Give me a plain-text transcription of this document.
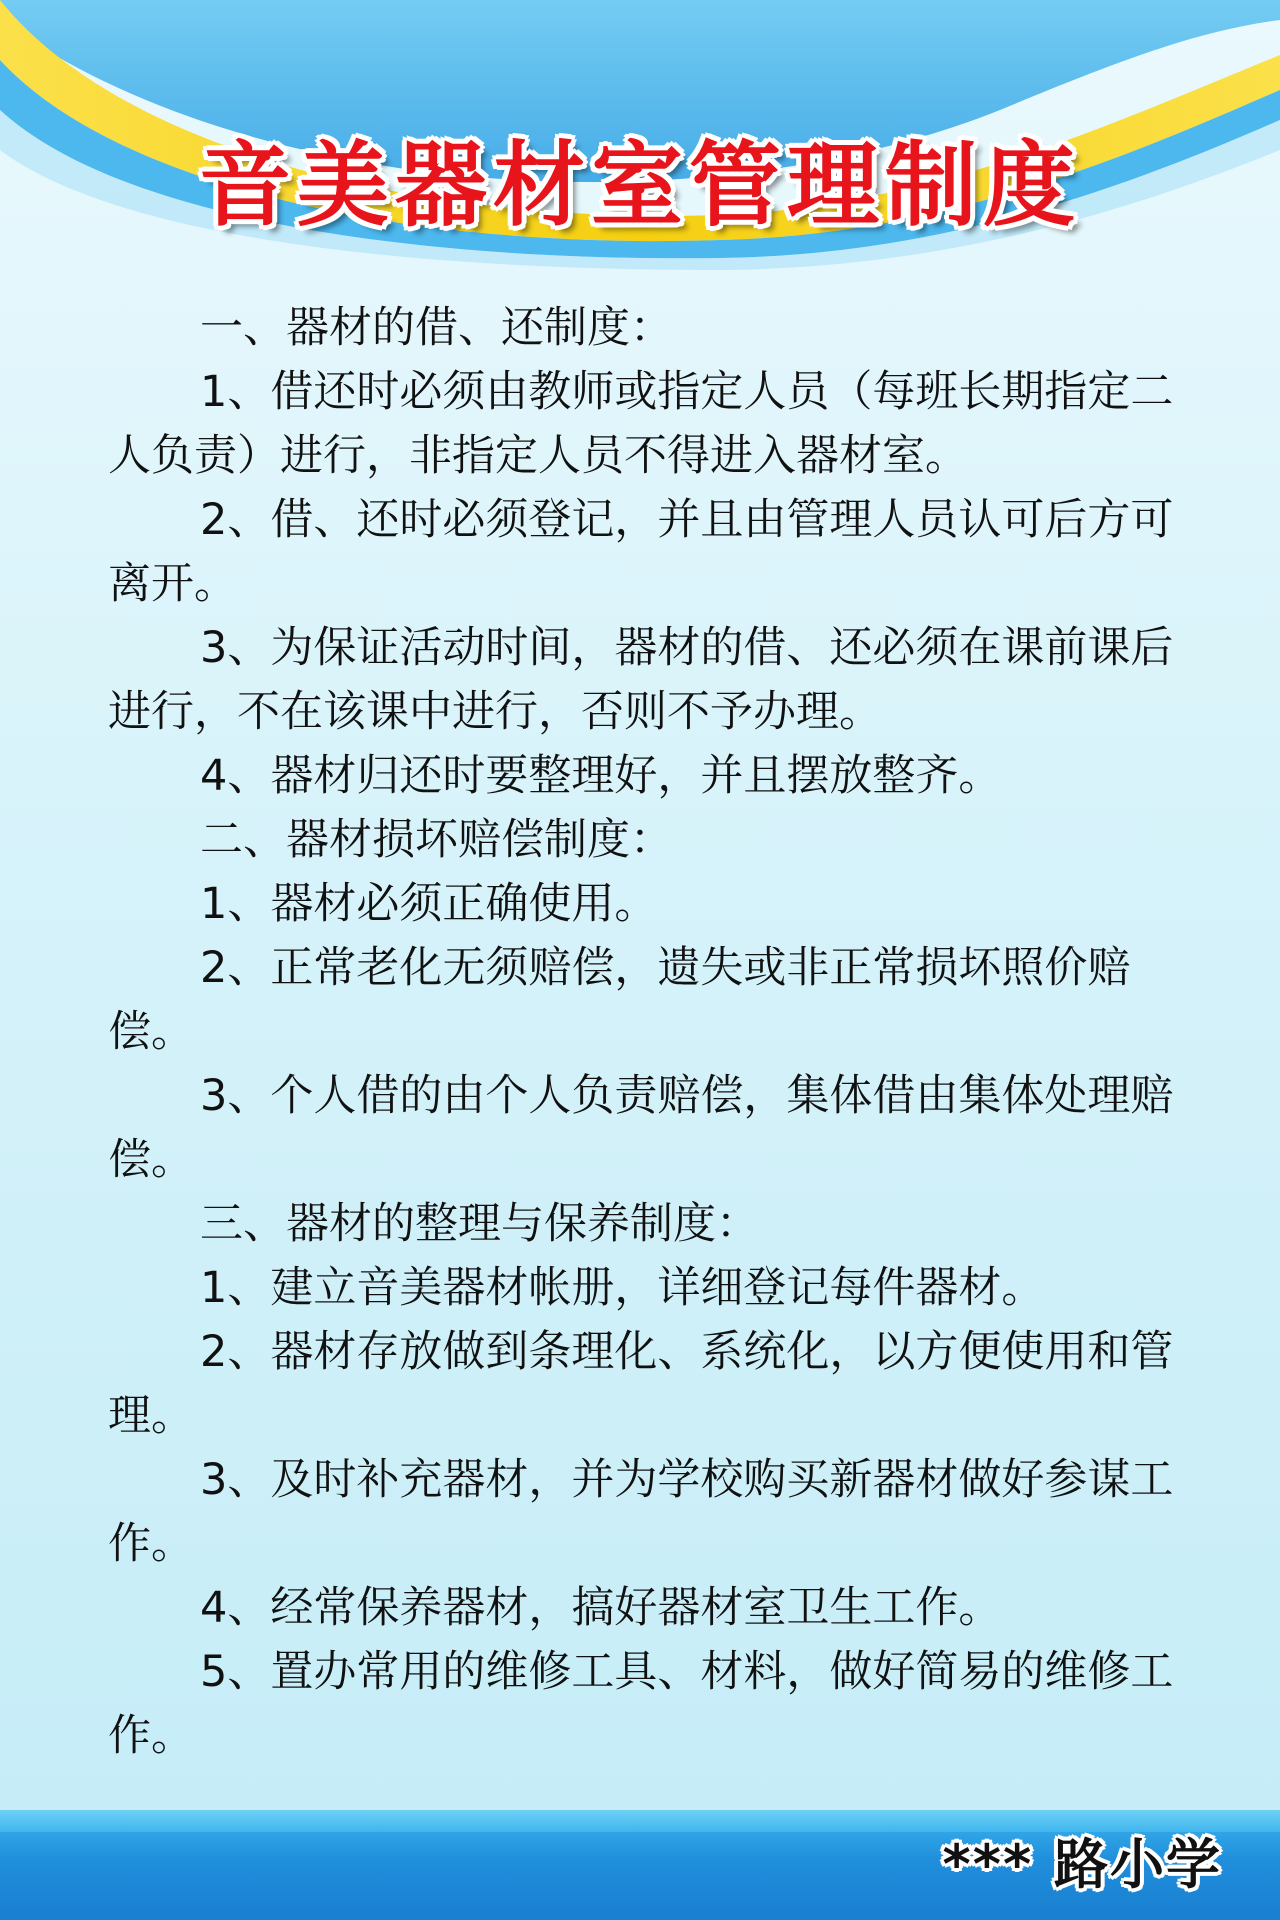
音美器材室管理制度

一、器材的借、还制度：

1、借还时必须由教师或指定人员（每班长期指定二人负责）进行，非指定人员不得进入器材室。

2、借、还时必须登记，并且由管理人员认可后方可离开。

3、为保证活动时间，器材的借、还必须在课前课后进行，不在该课中进行，否则不予办理。

4、器材归还时要整理好，并且摆放整齐。

二、器材损坏赔偿制度：

1、器材必须正确使用。

2、正常老化无须赔偿，遗失或非正常损坏照价赔偿。

3、个人借的由个人负责赔偿，集体借由集体处理赔偿。

三、器材的整理与保养制度：

1、建立音美器材帐册，详细登记每件器材。

2、器材存放做到条理化、系统化，以方便使用和管理。

3、及时补充器材，并为学校购买新器材做好参谋工作。

4、经常保养器材，搞好器材室卫生工作。

5、置办常用的维修工具、材料，做好简易的维修工作。

*** 路小学
